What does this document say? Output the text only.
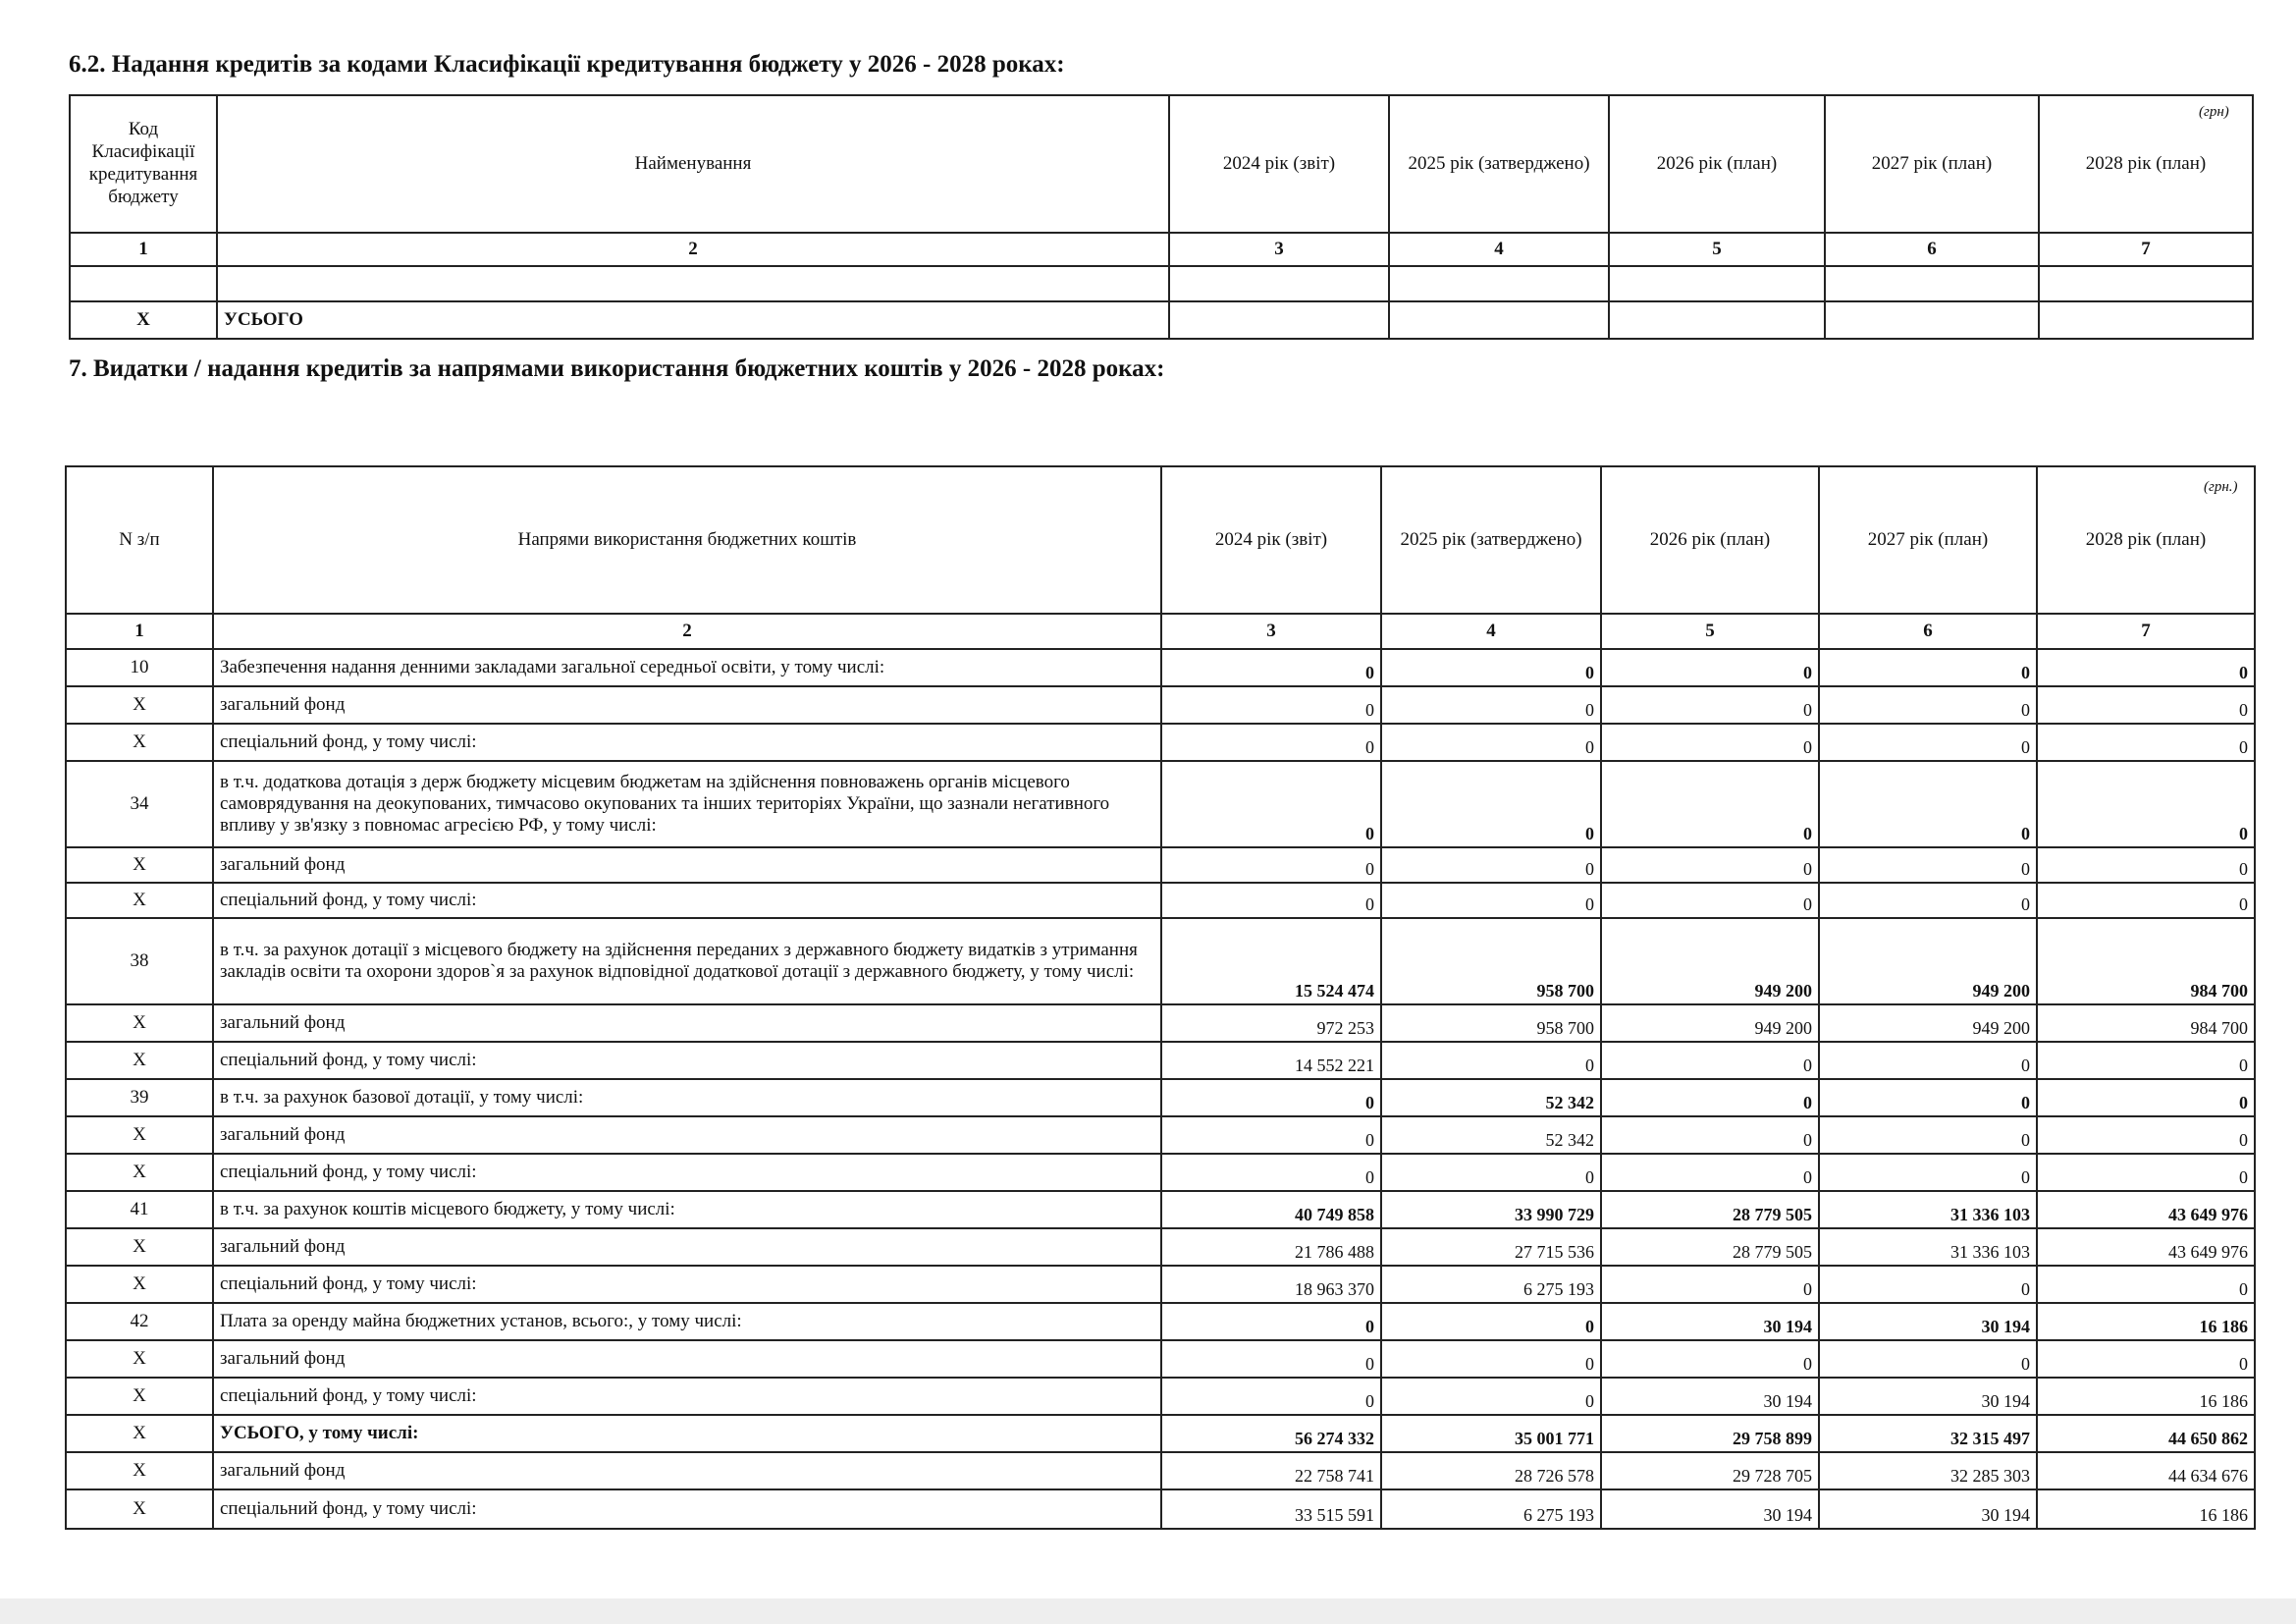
6.2. Надання кредитів за кодами Класифікації кредитування бюджету у 2026 - 2028 роках:
(грн)
Код Класифікації кредитування бюджету	Найменування	2024 рік (звіт)	2025 рік (затверджено)	2026 рік (план)	2027 рік (план)	2028 рік (план)
1	2	3	4	5	6	7

Х	УСЬОГО					
7. Видатки / надання кредитів за напрямами використання бюджетних коштів у 2026 - 2028 роках:
(грн.)
N з/п	Напрями використання бюджетних коштів	2024 рік (звіт)	2025 рік (затверджено)	2026 рік (план)	2027 рік (план)	2028 рік (план)
1	2	3	4	5	6	7
10	Забезпечення надання денними закладами загальної середньої освіти, у тому числі:	0	0	0	0	0
Х	загальний фонд	0	0	0	0	0
Х	спеціальний фонд, у тому числі:	0	0	0	0	0
34	в т.ч. додаткова дотація з держ бюджету місцевим бюджетам на здійснення повноважень органів місцевого самоврядування на деокупованих, тимчасово окупованих та інших територіях України, що зазнали негативного впливу у зв'язку з повномас агресією РФ, у тому числі:	0	0	0	0	0
Х	загальний фонд	0	0	0	0	0
Х	спеціальний фонд, у тому числі:	0	0	0	0	0
38	в т.ч. за рахунок дотації з місцевого бюджету на здійснення переданих з державного бюджету видатків з утримання закладів освіти та охорони здоров`я за рахунок відповідної додаткової дотації з державного бюджету, у тому числі:	15 524 474	958 700	949 200	949 200	984 700
Х	загальний фонд	972 253	958 700	949 200	949 200	984 700
Х	спеціальний фонд, у тому числі:	14 552 221	0	0	0	0
39	в т.ч. за рахунок базової дотації, у тому числі:	0	52 342	0	0	0
Х	загальний фонд	0	52 342	0	0	0
Х	спеціальний фонд, у тому числі:	0	0	0	0	0
41	в т.ч. за рахунок коштів місцевого бюджету, у тому числі:	40 749 858	33 990 729	28 779 505	31 336 103	43 649 976
Х	загальний фонд	21 786 488	27 715 536	28 779 505	31 336 103	43 649 976
Х	спеціальний фонд, у тому числі:	18 963 370	6 275 193	0	0	0
42	Плата за оренду майна бюджетних установ, всього:, у тому числі:	0	0	30 194	30 194	16 186
Х	загальний фонд	0	0	0	0	0
Х	спеціальний фонд, у тому числі:	0	0	30 194	30 194	16 186
Х	УСЬОГО, у тому числі:	56 274 332	35 001 771	29 758 899	32 315 497	44 650 862
Х	загальний фонд	22 758 741	28 726 578	29 728 705	32 285 303	44 634 676
Х	спеціальний фонд, у тому числі:	33 515 591	6 275 193	30 194	30 194	16 186
